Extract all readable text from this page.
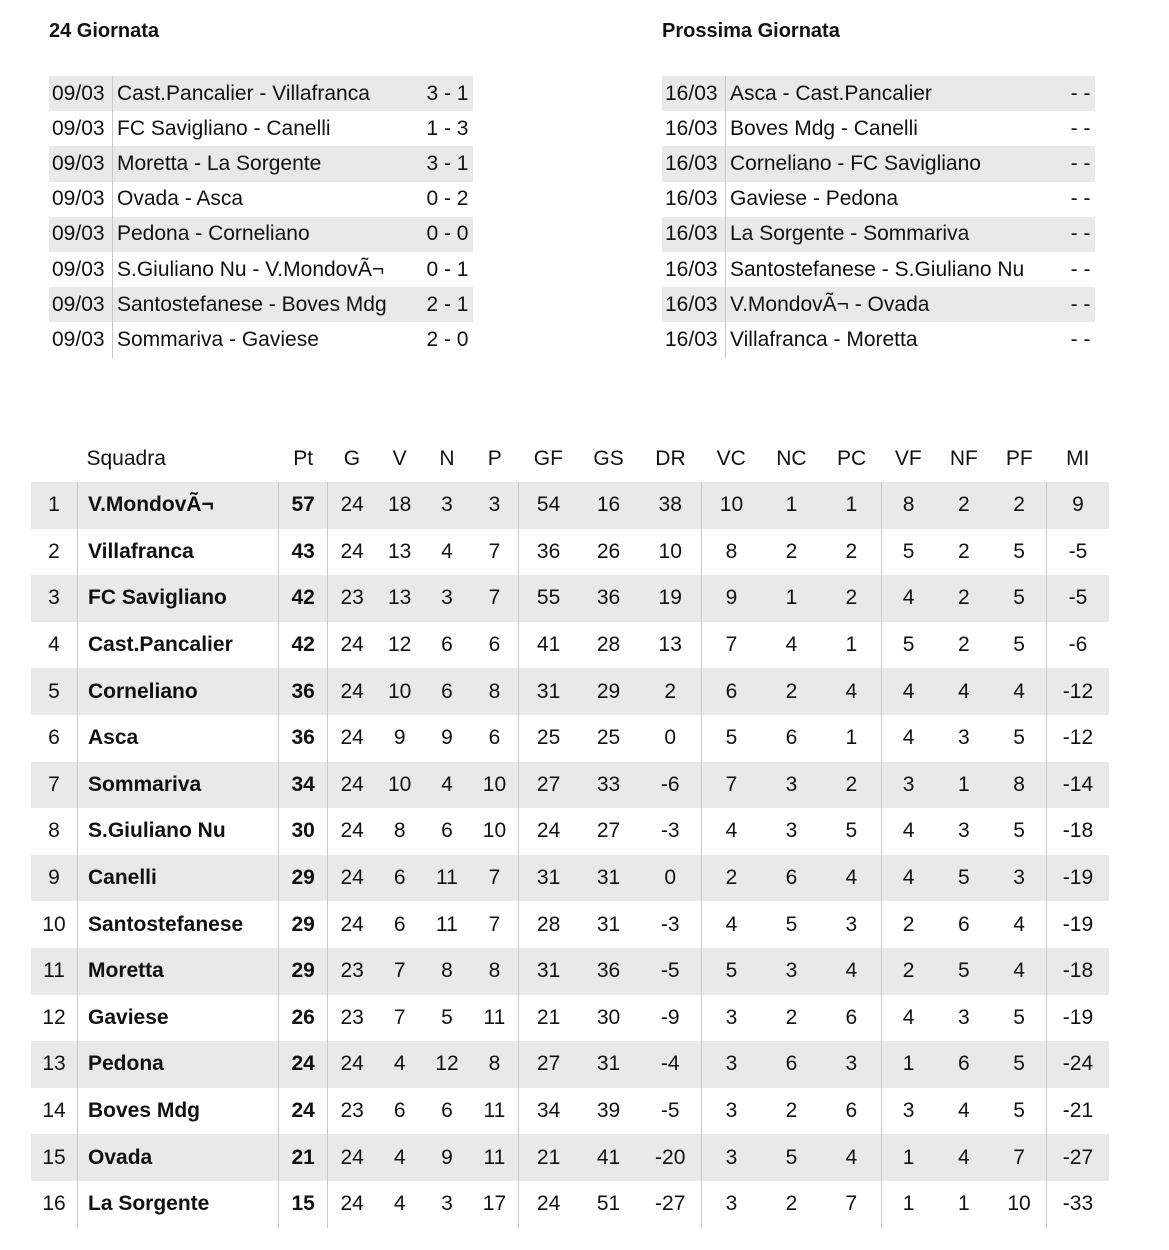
24 Giornata	Prossima Giornata
09/03	Cast.Pancalier - Villafranca	3 - 1
09/03	FC Savigliano - Canelli	1 - 3
09/03	Moretta - La Sorgente	3 - 1
09/03	Ovada - Asca	0 - 2
09/03	Pedona - Corneliano	0 - 0
09/03	S.Giuliano Nu - V.MondovÃ¬	0 - 1
09/03	Santostefanese - Boves Mdg	2 - 1
09/03	Sommariva - Gaviese	2 - 0
16/03	Asca - Cast.Pancalier	- -
16/03	Boves Mdg - Canelli	- -
16/03	Corneliano - FC Savigliano	- -
16/03	Gaviese - Pedona	- -
16/03	La Sorgente - Sommariva	- -
16/03	Santostefanese - S.Giuliano Nu	- -
16/03	V.MondovÃ¬ - Ovada	- -
16/03	Villafranca - Moretta	- -
	Squadra	Pt	G	V	N	P	GF	GS	DR	VC	NC	PC	VF	NF	PF	MI
1	V.MondovÃ¬	57	24	18	3	3	54	16	38	10	1	1	8	2	2	9
2	Villafranca	43	24	13	4	7	36	26	10	8	2	2	5	2	5	-5
3	FC Savigliano	42	23	13	3	7	55	36	19	9	1	2	4	2	5	-5
4	Cast.Pancalier	42	24	12	6	6	41	28	13	7	4	1	5	2	5	-6
5	Corneliano	36	24	10	6	8	31	29	2	6	2	4	4	4	4	-12
6	Asca	36	24	9	9	6	25	25	0	5	6	1	4	3	5	-12
7	Sommariva	34	24	10	4	10	27	33	-6	7	3	2	3	1	8	-14
8	S.Giuliano Nu	30	24	8	6	10	24	27	-3	4	3	5	4	3	5	-18
9	Canelli	29	24	6	11	7	31	31	0	2	6	4	4	5	3	-19
10	Santostefanese	29	24	6	11	7	28	31	-3	4	5	3	2	6	4	-19
11	Moretta	29	23	7	8	8	31	36	-5	5	3	4	2	5	4	-18
12	Gaviese	26	23	7	5	11	21	30	-9	3	2	6	4	3	5	-19
13	Pedona	24	24	4	12	8	27	31	-4	3	6	3	1	6	5	-24
14	Boves Mdg	24	23	6	6	11	34	39	-5	3	2	6	3	4	5	-21
15	Ovada	21	24	4	9	11	21	41	-20	3	5	4	1	4	7	-27
16	La Sorgente	15	24	4	3	17	24	51	-27	3	2	7	1	1	10	-33
